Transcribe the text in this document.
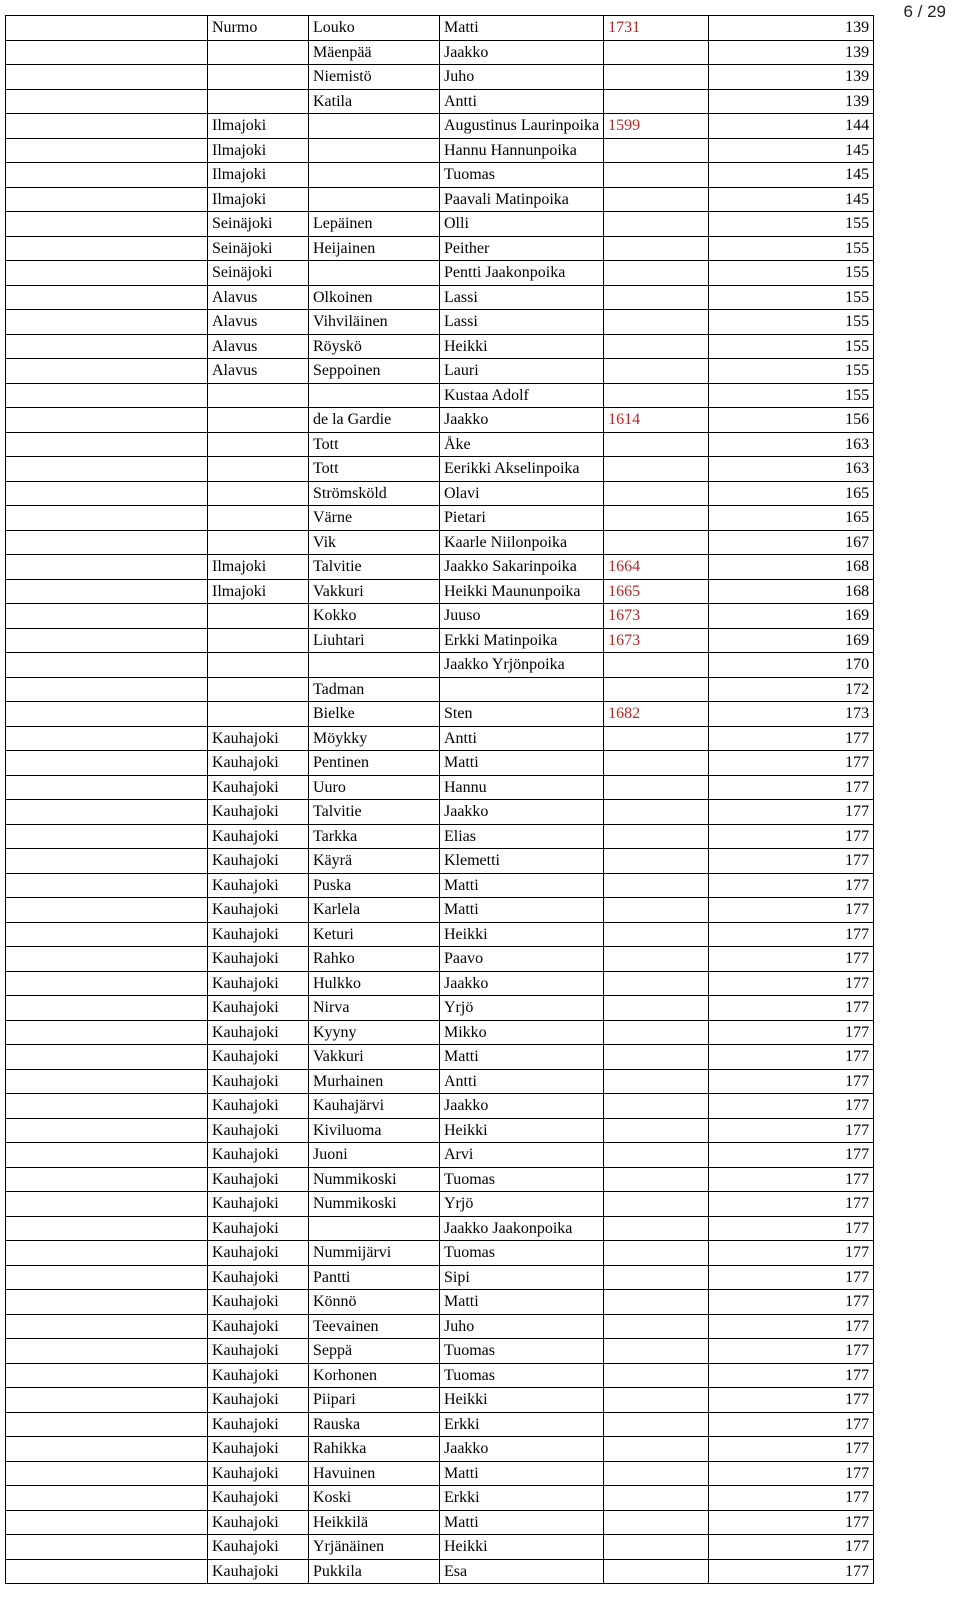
6 / 29
	Nurmo	Louko	Matti	1731	139
		Mäenpää	Jaakko		139
		Niemistö	Juho		139
		Katila	Antti		139
	Ilmajoki		Augustinus Laurinpoika	1599	144
	Ilmajoki		Hannu Hannunpoika		145
	Ilmajoki		Tuomas		145
	Ilmajoki		Paavali Matinpoika		145
	Seinäjoki	Lepäinen	Olli		155
	Seinäjoki	Heijainen	Peither		155
	Seinäjoki		Pentti Jaakonpoika		155
	Alavus	Olkoinen	Lassi		155
	Alavus	Vihviläinen	Lassi		155
	Alavus	Röyskö	Heikki		155
	Alavus	Seppoinen	Lauri		155
			Kustaa Adolf		155
		de la Gardie	Jaakko	1614	156
		Tott	Åke		163
		Tott	Eerikki Akselinpoika		163
		Strömsköld	Olavi		165
		Värne	Pietari		165
		Vik	Kaarle Niilonpoika		167
	Ilmajoki	Talvitie	Jaakko Sakarinpoika	1664	168
	Ilmajoki	Vakkuri	Heikki Maununpoika	1665	168
		Kokko	Juuso	1673	169
		Liuhtari	Erkki Matinpoika	1673	169
			Jaakko Yrjönpoika		170
		Tadman			172
		Bielke	Sten	1682	173
	Kauhajoki	Möykky	Antti		177
	Kauhajoki	Pentinen	Matti		177
	Kauhajoki	Uuro	Hannu		177
	Kauhajoki	Talvitie	Jaakko		177
	Kauhajoki	Tarkka	Elias		177
	Kauhajoki	Käyrä	Klemetti		177
	Kauhajoki	Puska	Matti		177
	Kauhajoki	Karlela	Matti		177
	Kauhajoki	Keturi	Heikki		177
	Kauhajoki	Rahko	Paavo		177
	Kauhajoki	Hulkko	Jaakko		177
	Kauhajoki	Nirva	Yrjö		177
	Kauhajoki	Kyyny	Mikko		177
	Kauhajoki	Vakkuri	Matti		177
	Kauhajoki	Murhainen	Antti		177
	Kauhajoki	Kauhajärvi	Jaakko		177
	Kauhajoki	Kiviluoma	Heikki		177
	Kauhajoki	Juoni	Arvi		177
	Kauhajoki	Nummikoski	Tuomas		177
	Kauhajoki	Nummikoski	Yrjö		177
	Kauhajoki		Jaakko Jaakonpoika		177
	Kauhajoki	Nummijärvi	Tuomas		177
	Kauhajoki	Pantti	Sipi		177
	Kauhajoki	Könnö	Matti		177
	Kauhajoki	Teevainen	Juho		177
	Kauhajoki	Seppä	Tuomas		177
	Kauhajoki	Korhonen	Tuomas		177
	Kauhajoki	Piipari	Heikki		177
	Kauhajoki	Rauska	Erkki		177
	Kauhajoki	Rahikka	Jaakko		177
	Kauhajoki	Havuinen	Matti		177
	Kauhajoki	Koski	Erkki		177
	Kauhajoki	Heikkilä	Matti		177
	Kauhajoki	Yrjänäinen	Heikki		177
	Kauhajoki	Pukkila	Esa		177
